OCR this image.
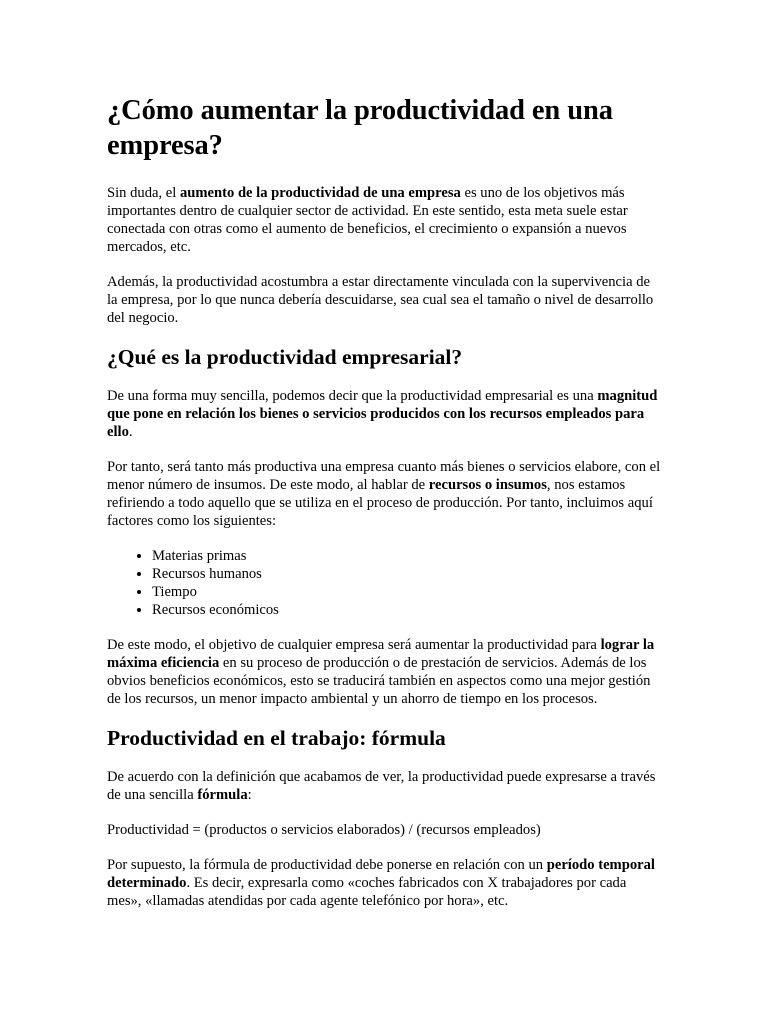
¿Cómo aumentar la productividad en una empresa?

Sin duda, el aumento de la productividad de una empresa es uno de los objetivos más importantes dentro de cualquier sector de actividad. En este sentido, esta meta suele estar conectada con otras como el aumento de beneficios, el crecimiento o expansión a nuevos mercados, etc.

Además, la productividad acostumbra a estar directamente vinculada con la supervivencia de la empresa, por lo que nunca debería descuidarse, sea cual sea el tamaño o nivel de desarrollo del negocio.

¿Qué es la productividad empresarial?

De una forma muy sencilla, podemos decir que la productividad empresarial es una magnitud que pone en relación los bienes o servicios producidos con los recursos empleados para ello.

Por tanto, será tanto más productiva una empresa cuanto más bienes o servicios elabore, con el menor número de insumos. De este modo, al hablar de recursos o insumos, nos estamos refiriendo a todo aquello que se utiliza en el proceso de producción. Por tanto, incluimos aquí factores como los siguientes:

• Materias primas
• Recursos humanos
• Tiempo
• Recursos económicos

De este modo, el objetivo de cualquier empresa será aumentar la productividad para lograr la máxima eficiencia en su proceso de producción o de prestación de servicios. Además de los obvios beneficios económicos, esto se traducirá también en aspectos como una mejor gestión de los recursos, un menor impacto ambiental y un ahorro de tiempo en los procesos.

Productividad en el trabajo: fórmula

De acuerdo con la definición que acabamos de ver, la productividad puede expresarse a través de una sencilla fórmula:

Productividad = (productos o servicios elaborados) / (recursos empleados)

Por supuesto, la fórmula de productividad debe ponerse en relación con un período temporal determinado. Es decir, expresarla como «coches fabricados con X trabajadores por cada mes», «llamadas atendidas por cada agente telefónico por hora», etc.
